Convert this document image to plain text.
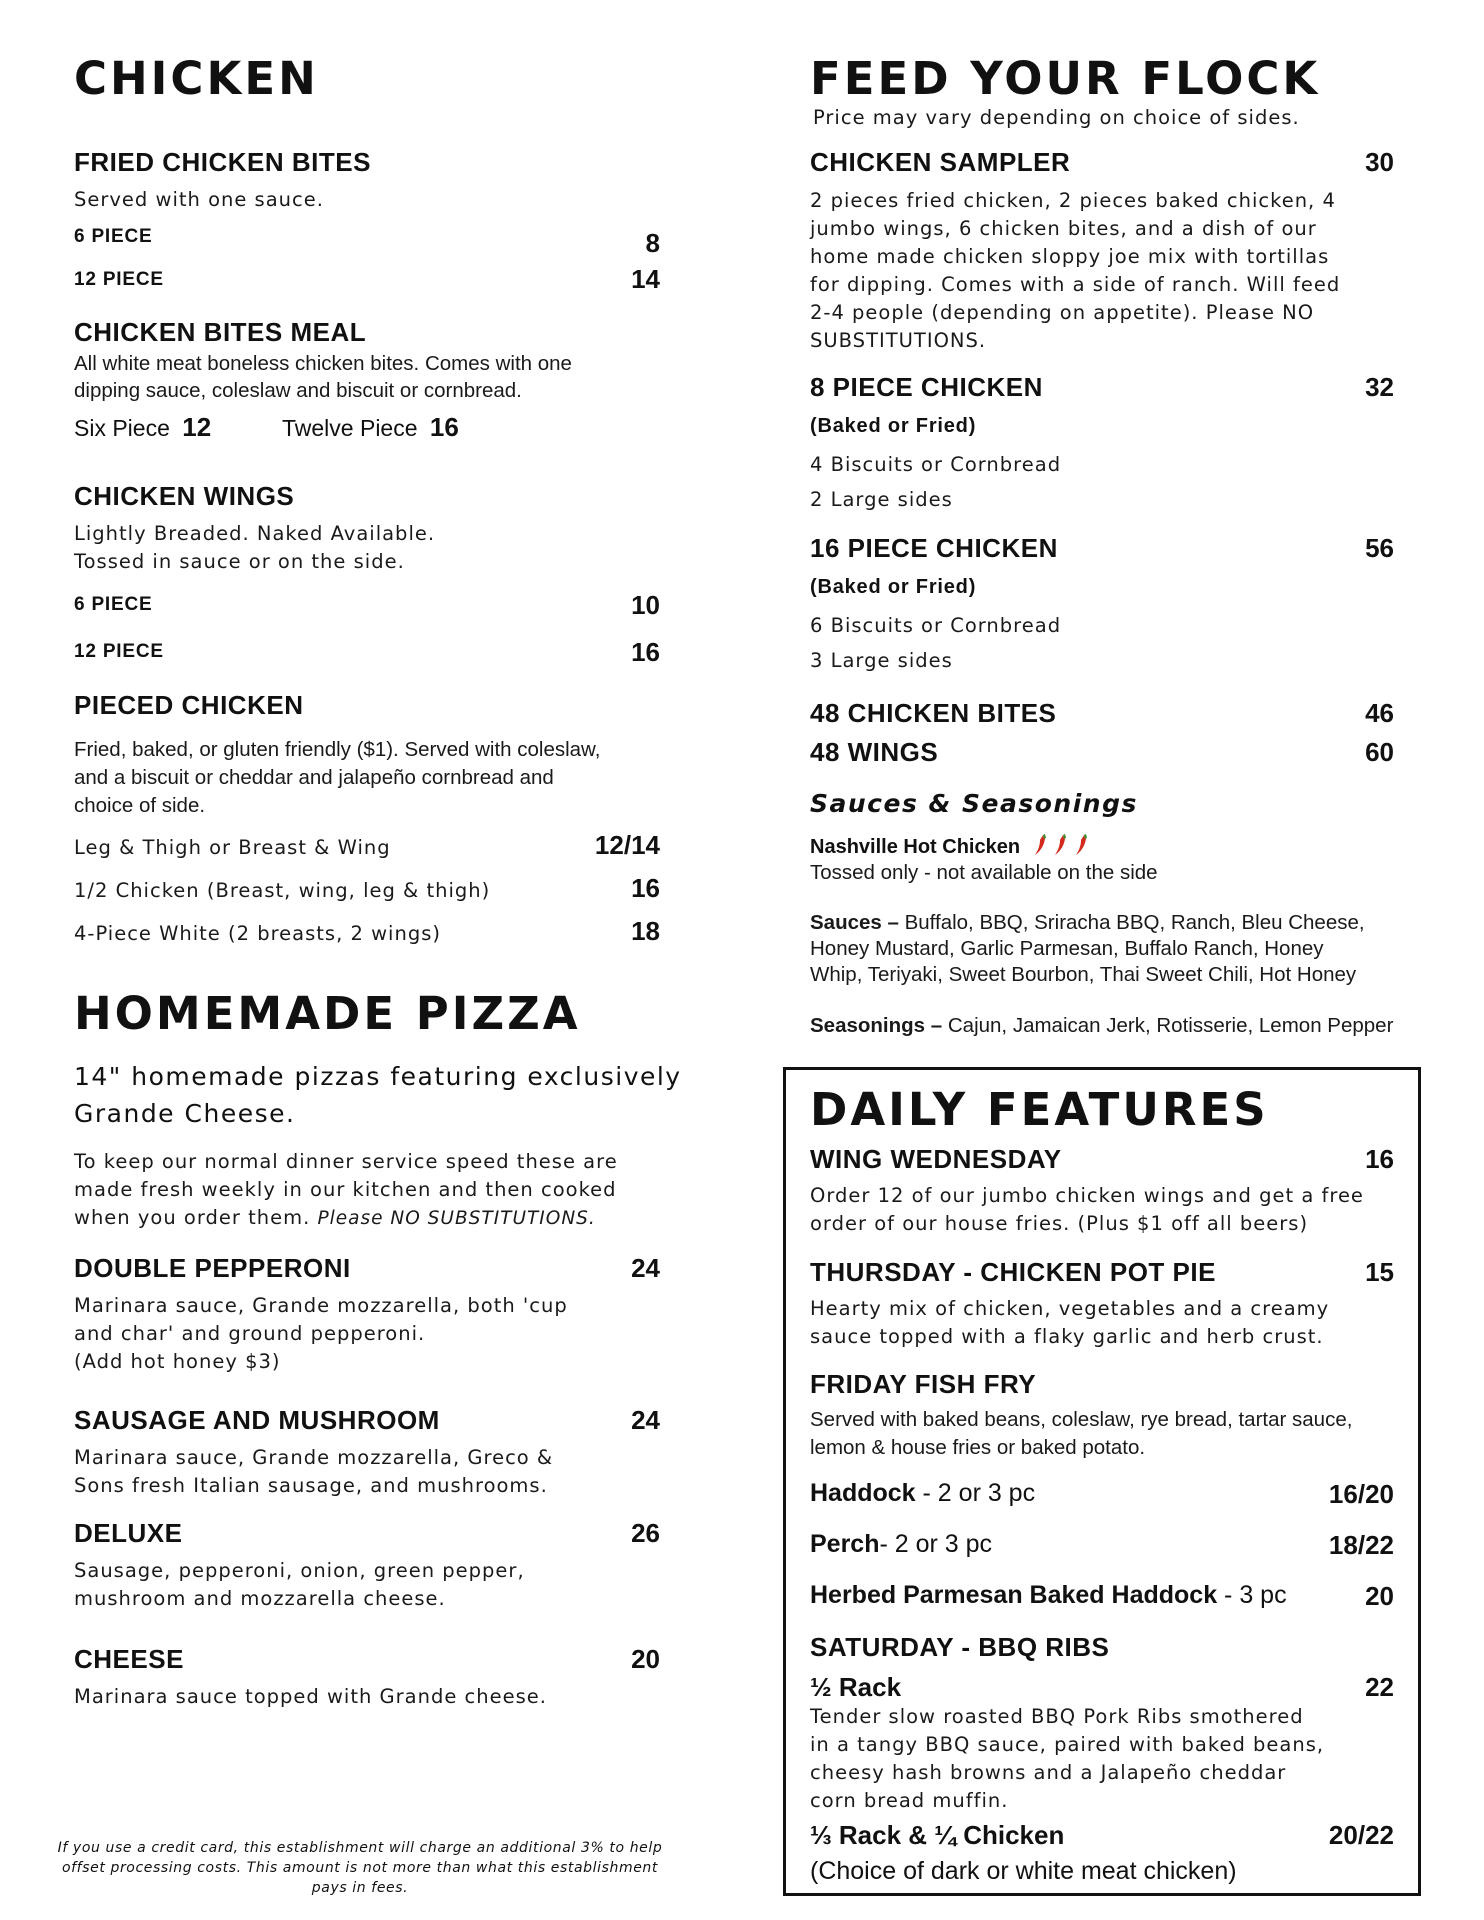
CHICKEN
FRIED CHICKEN BITES
Served with one sauce.
6 PIECE	8
12 PIECE	14
CHICKEN BITES MEAL
All white meat boneless chicken bites. Comes with one
dipping sauce, coleslaw and biscuit or cornbread.
Six Piece 12	Twelve Piece 16
CHICKEN WINGS
Lightly Breaded. Naked Available.
Tossed in sauce or on the side.
6 PIECE	10
12 PIECE	16
PIECED CHICKEN
Fried, baked, or gluten friendly ($1). Served with coleslaw,
and a biscuit or cheddar and jalapeño cornbread and
choice of side.
Leg & Thigh or Breast & Wing	12/14
1/2 Chicken (Breast, wing, leg & thigh)	16
4-Piece White (2 breasts, 2 wings)	18
HOMEMADE PIZZA
14" homemade pizzas featuring exclusively
Grande Cheese.
To keep our normal dinner service speed these are
made fresh weekly in our kitchen and then cooked
when you order them. Please NO SUBSTITUTIONS.
DOUBLE PEPPERONI	24
Marinara sauce, Grande mozzarella, both 'cup
and char' and ground pepperoni.
(Add hot honey $3)
SAUSAGE AND MUSHROOM	24
Marinara sauce, Grande mozzarella, Greco &
Sons fresh Italian sausage, and mushrooms.
DELUXE	26
Sausage, pepperoni, onion, green pepper,
mushroom and mozzarella cheese.
CHEESE	20
Marinara sauce topped with Grande cheese.
If you use a credit card, this establishment will charge an additional 3% to help
offset processing costs. This amount is not more than what this establishment
pays in fees.
FEED YOUR FLOCK
Price may vary depending on choice of sides.
CHICKEN SAMPLER	30
2 pieces fried chicken, 2 pieces baked chicken, 4
jumbo wings, 6 chicken bites, and a dish of our
home made chicken sloppy joe mix with tortillas
for dipping. Comes with a side of ranch. Will feed
2-4 people (depending on appetite). Please NO
SUBSTITUTIONS.
8 PIECE CHICKEN	32
(Baked or Fried)
4 Biscuits or Cornbread
2 Large sides
16 PIECE CHICKEN	56
(Baked or Fried)
6 Biscuits or Cornbread
3 Large sides
48 CHICKEN BITES	46
48 WINGS	60
Sauces & Seasonings
Nashville Hot Chicken
Tossed only - not available on the side
Sauces – Buffalo, BBQ, Sriracha BBQ, Ranch, Bleu Cheese,
Honey Mustard, Garlic Parmesan, Buffalo Ranch, Honey
Whip, Teriyaki, Sweet Bourbon, Thai Sweet Chili, Hot Honey
Seasonings – Cajun, Jamaican Jerk, Rotisserie, Lemon Pepper
DAILY FEATURES
WING WEDNESDAY	16
Order 12 of our jumbo chicken wings and get a free
order of our house fries. (Plus $1 off all beers)
THURSDAY - CHICKEN POT PIE	15
Hearty mix of chicken, vegetables and a creamy
sauce topped with a flaky garlic and herb crust.
FRIDAY FISH FRY
Served with baked beans, coleslaw, rye bread, tartar sauce,
lemon & house fries or baked potato.
Haddock - 2 or 3 pc	16/20
Perch- 2 or 3 pc	18/22
Herbed Parmesan Baked Haddock - 3 pc	20
SATURDAY - BBQ RIBS
½ Rack	22
Tender slow roasted BBQ Pork Ribs smothered
in a tangy BBQ sauce, paired with baked beans,
cheesy hash browns and a Jalapeño cheddar
corn bread muffin.
⅓ Rack & ¼ Chicken	20/22
(Choice of dark or white meat chicken)
